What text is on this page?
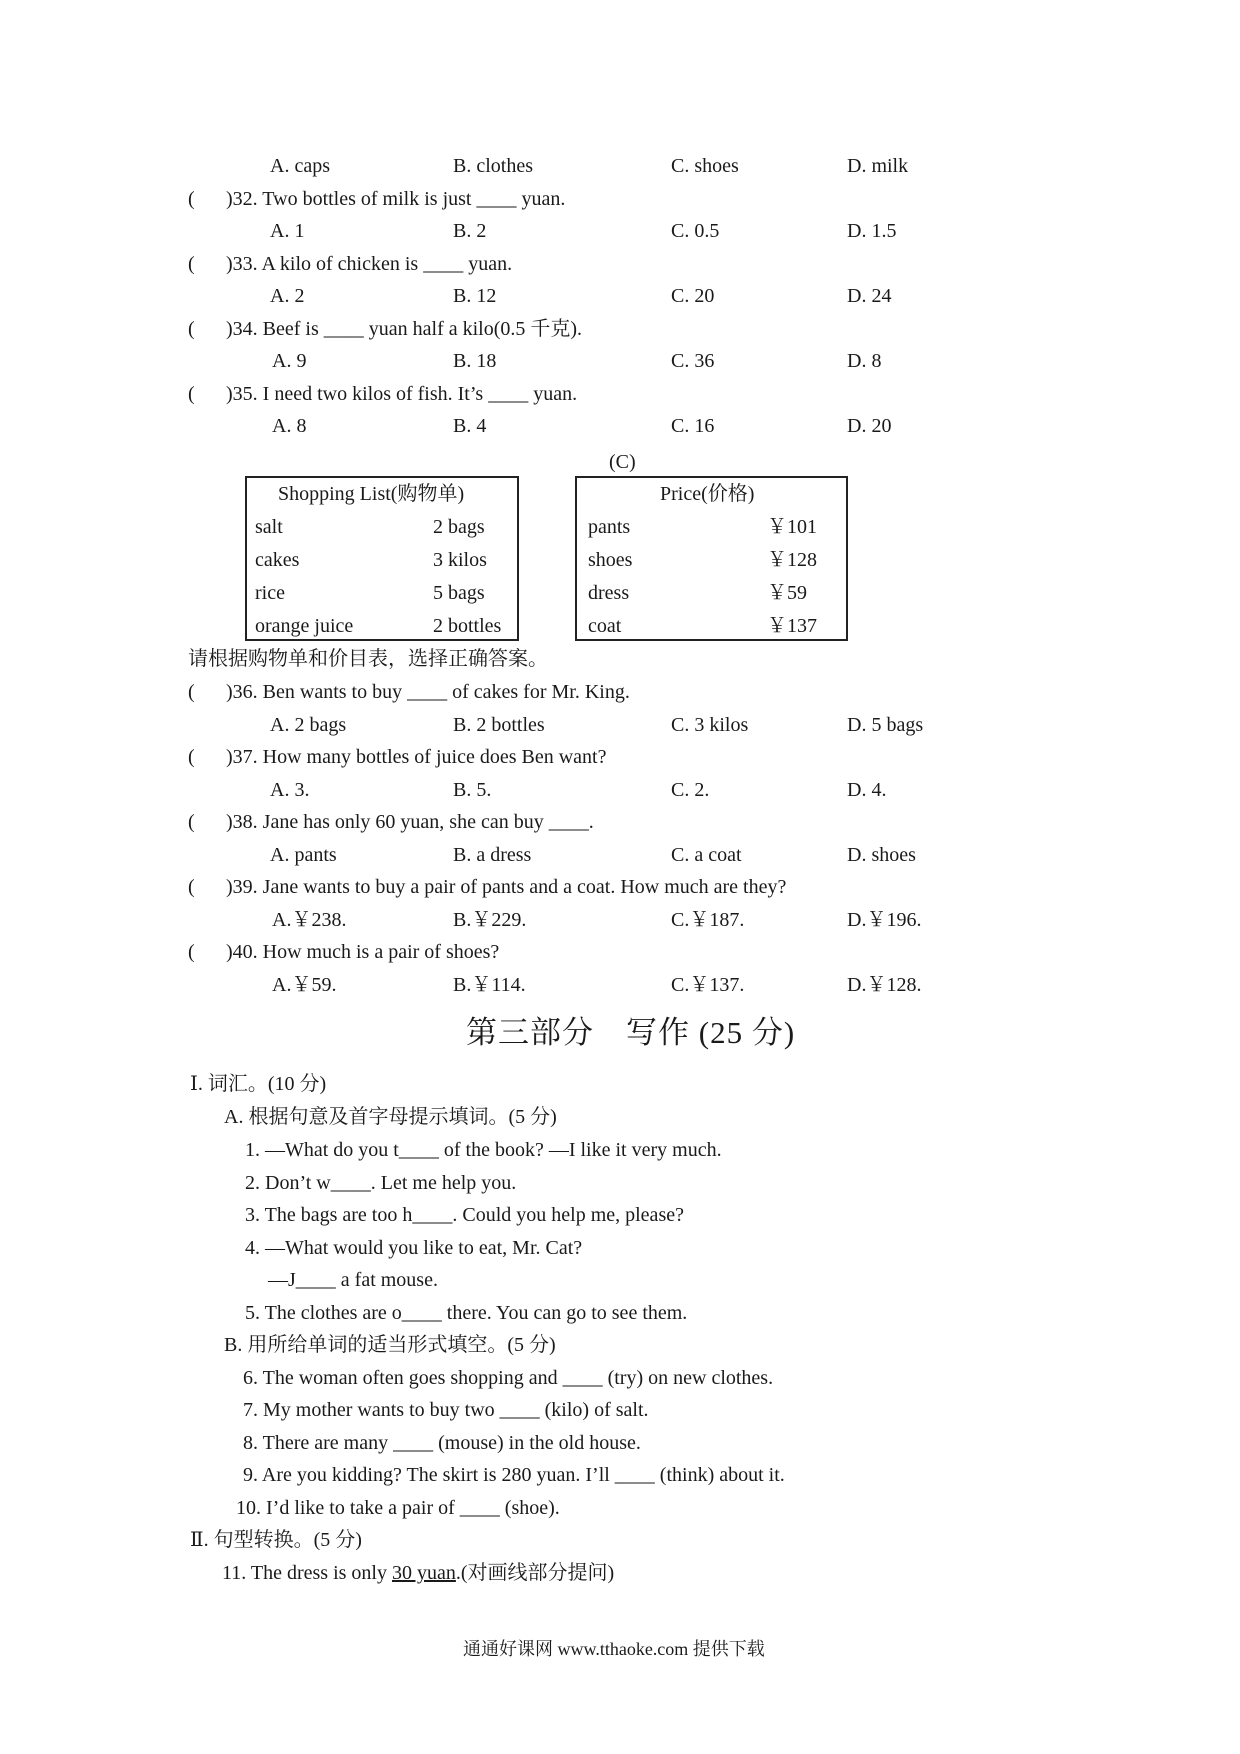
A. caps	B. clothes	C. shoes	D. milk
( )32. Two bottles of milk is just ____ yuan.
A. 1	B. 2	C. 0.5	D. 1.5
( )33. A kilo of chicken is ____ yuan.
A. 2	B. 12	C. 20	D. 24
( )34. Beef is ____ yuan half a kilo(0.5 千克).
A. 9	B. 18	C. 36	D. 8
( )35. I need two kilos of fish. It’s ____ yuan.
A. 8	B. 4	C. 16	D. 20
(C)
Shopping List(购物单)
salt	2 bags
cakes	3 kilos
rice	5 bags
orange juice	2 bottles
Price(价格)
pants	￥101
shoes	￥128
dress	￥59
coat	￥137
请根据购物单和价目表，选择正确答案。
( )36. Ben wants to buy ____ of cakes for Mr. King.
A. 2 bags	B. 2 bottles	C. 3 kilos	D. 5 bags
( )37. How many bottles of juice does Ben want?
A. 3.	B. 5.	C. 2.	D. 4.
( )38. Jane has only 60 yuan, she can buy ____.
A. pants	B. a dress	C. a coat	D. shoes
( )39. Jane wants to buy a pair of pants and a coat. How much are they?
A.￥238.	B.￥229.	C.￥187.	D.￥196.
( )40. How much is a pair of shoes?
A.￥59.	B.￥114.	C.￥137.	D.￥128.
第三部分　写作 (25 分)
Ⅰ. 词汇。(10 分)
A. 根据句意及首字母提示填词。(5 分)
1. —What do you t____ of the book? —I like it very much.
2. Don’t w____. Let me help you.
3. The bags are too h____. Could you help me, please?
4. —What would you like to eat, Mr. Cat?
—J____ a fat mouse.
5. The clothes are o____ there. You can go to see them.
B. 用所给单词的适当形式填空。(5 分)
6. The woman often goes shopping and ____ (try) on new clothes.
7. My mother wants to buy two ____ (kilo) of salt.
8. There are many ____ (mouse) in the old house.
9. Are you kidding? The skirt is 280 yuan. I’ll ____ (think) about it.
10. I’d like to take a pair of ____ (shoe).
Ⅱ. 句型转换。(5 分)
11. The dress is only 30 yuan.(对画线部分提问)
通通好课网 www.tthaoke.com 提供下载
